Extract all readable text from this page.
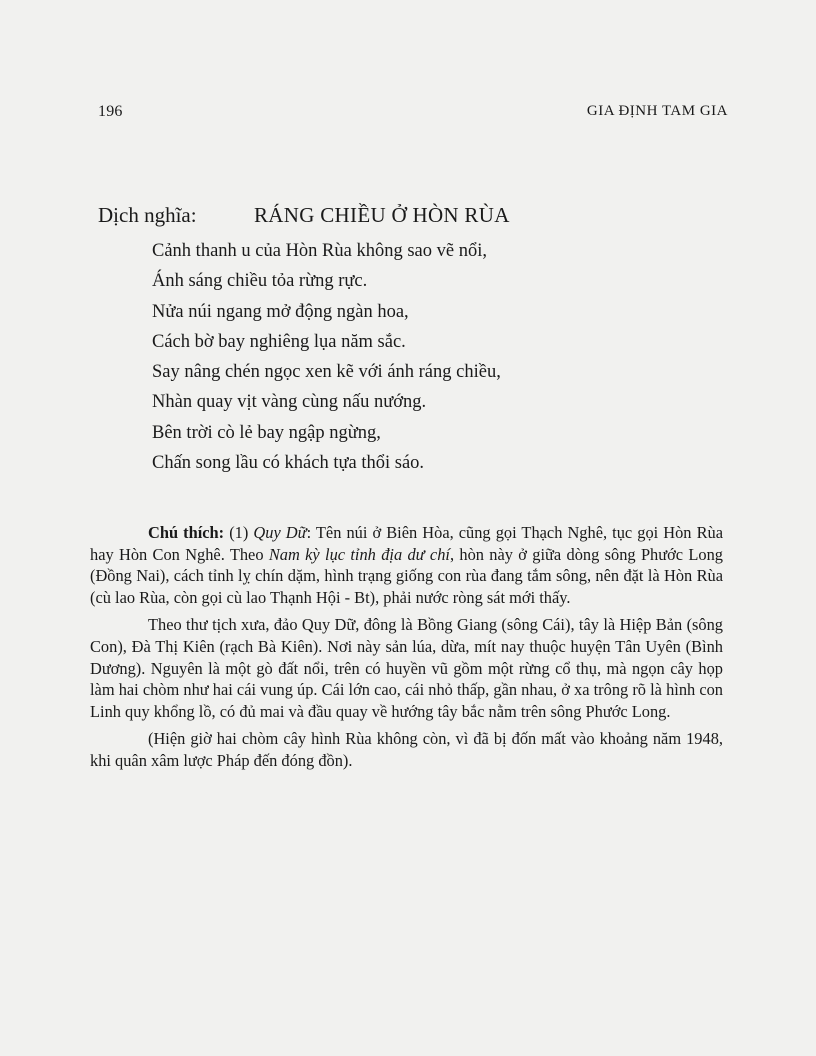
196	GIA ĐỊNH TAM GIA
Dịch nghĩa:	RÁNG CHIỀU Ở HÒN RÙA
Cảnh thanh u của Hòn Rùa không sao vẽ nổi,
Ánh sáng chiều tỏa rừng rực.
Nửa núi ngang mở động ngàn hoa,
Cách bờ bay nghiêng lụa năm sắc.
Say nâng chén ngọc xen kẽ với ánh ráng chiều,
Nhàn quay vịt vàng cùng nấu nướng.
Bên trời cò lẻ bay ngập ngừng,
Chấn song lầu có khách tựa thổi sáo.

Chú thích: (1) Quy Dữ: Tên núi ở Biên Hòa, cũng gọi Thạch Nghê, tục gọi Hòn Rùa hay Hòn Con Nghê. Theo Nam kỳ lục tỉnh địa dư chí, hòn này ở giữa dòng sông Phước Long (Đồng Nai), cách tỉnh lỵ chín dặm, hình trạng giống con rùa đang tắm sông, nên đặt là Hòn Rùa (cù lao Rùa, còn gọi cù lao Thạnh Hội - Bt), phải nước ròng sát mới thấy.

Theo thư tịch xưa, đảo Quy Dữ, đông là Bồng Giang (sông Cái), tây là Hiệp Bản (sông Con), Đà Thị Kiên (rạch Bà Kiên). Nơi này sản lúa, dừa, mít nay thuộc huyện Tân Uyên (Bình Dương). Nguyên là một gò đất nổi, trên có huyền vũ gồm một rừng cổ thụ, mà ngọn cây họp làm hai chòm như hai cái vung úp. Cái lớn cao, cái nhỏ thấp, gần nhau, ở xa trông rõ là hình con Linh quy khổng lồ, có đủ mai và đầu quay về hướng tây bắc nằm trên sông Phước Long.

(Hiện giờ hai chòm cây hình Rùa không còn, vì đã bị đốn mất vào khoảng năm 1948, khi quân xâm lược Pháp đến đóng đồn).
